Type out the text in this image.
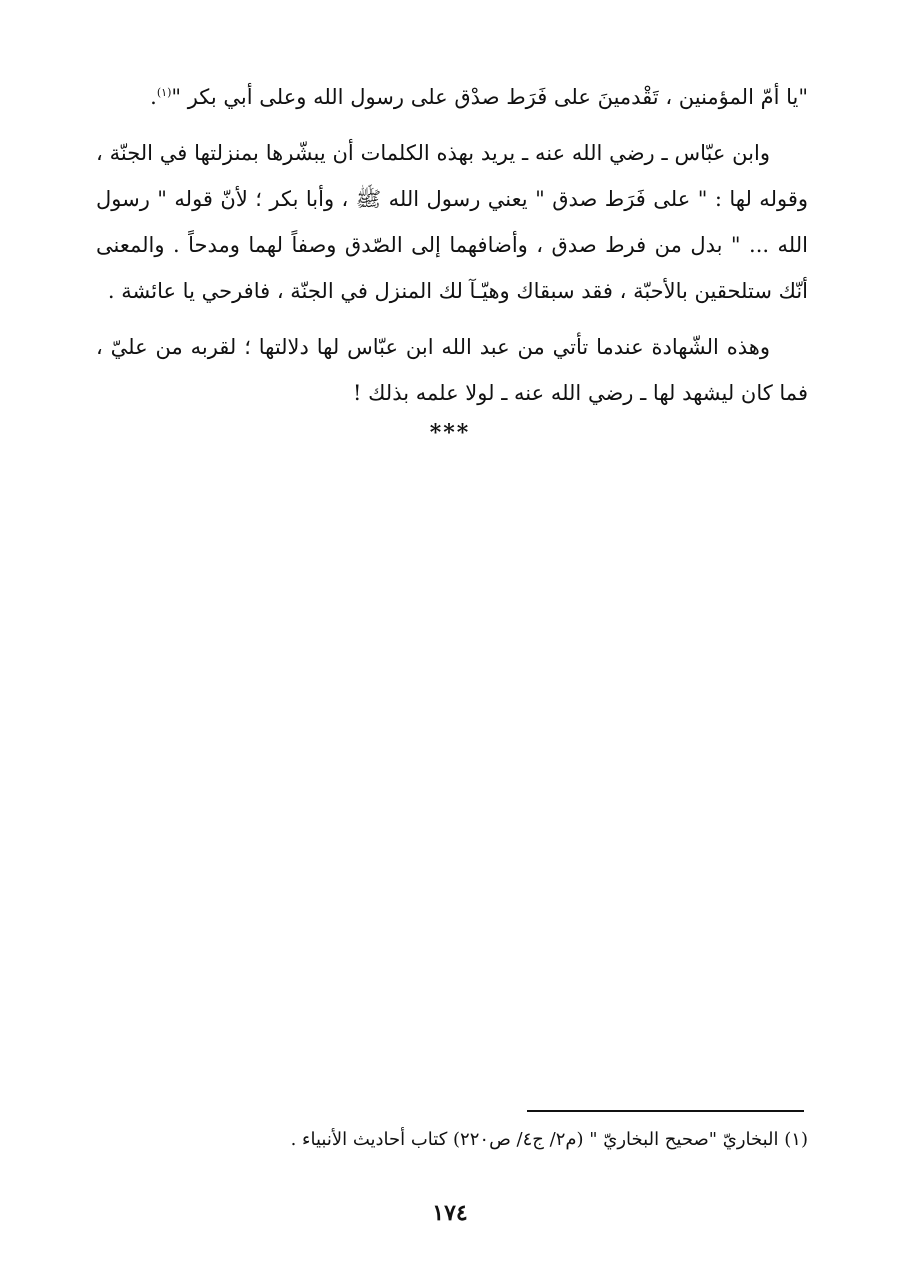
"يا أمّ المؤمنين ، تَقْدمينَ على فَرَط صدْق على رسول الله وعلى أبي بكر "$^{(١)}$.

وابن عبّاس ـ رضي الله عنه ـ يريد بهذه الكلمات أن يبشّرها بمنزلتها في الجنّة ، وقوله لها : " على فَرَط صدق " يعني رسول الله ﷺ ، وأبا بكر ؛ لأنّ قوله " رسول الله ... " بدل من فرط صدق ، وأضافهما إلى الصّدق وصفاً لهما ومدحاً . والمعنى أنّك ستلحقين بالأحبّة ، فقد سبقاك وهيّـآ لك المنزل في الجنّة ، فافرحي يا عائشة .

وهذه الشّهادة عندما تأتي من عبد الله ابن عبّاس لها دلالتها ؛ لقربه من عليّ ، فما كان ليشهد لها ـ رضي الله عنه ـ لولا علمه بذلك !

***
(١) البخاريّ "صحيح البخاريّ " (م٢/ ج٤/ ص٢٢٠) كتاب أحاديث الأنبياء .
١٧٤
